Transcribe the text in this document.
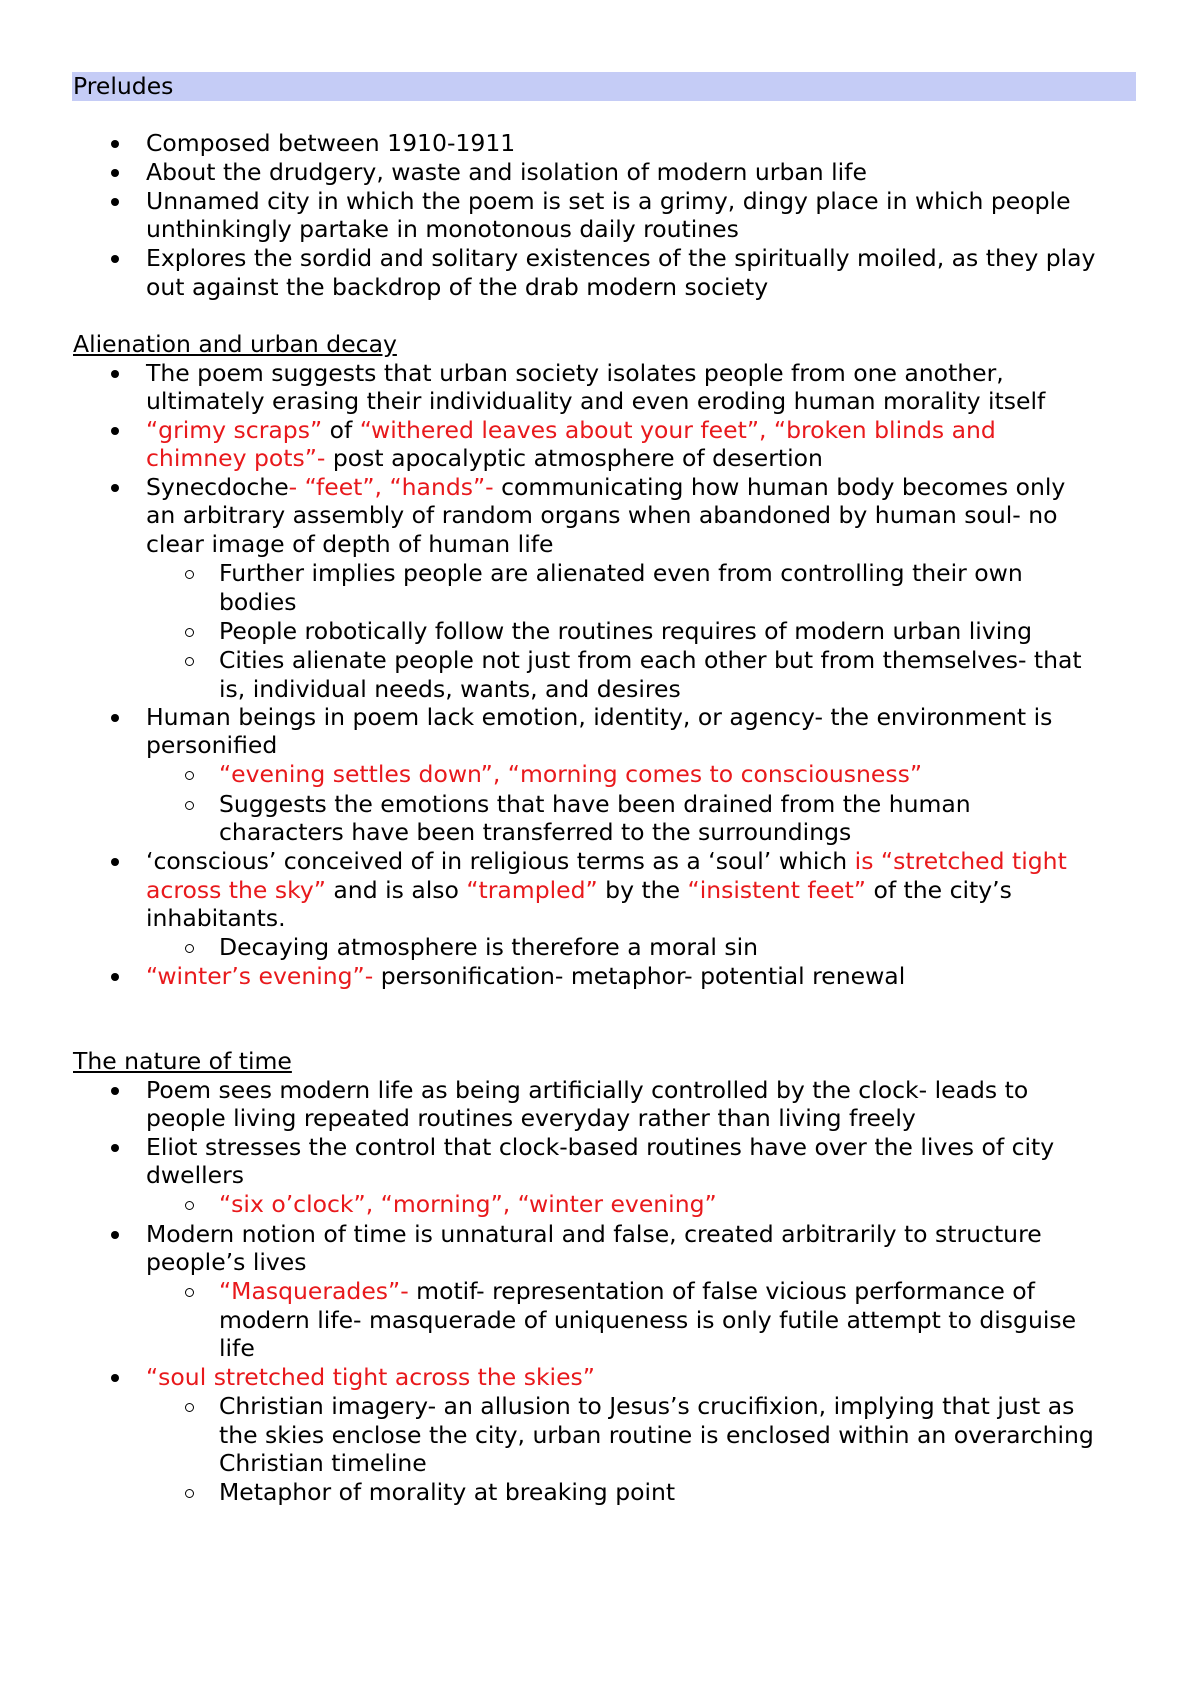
Preludes
Composed between 1910-1911
About the drudgery, waste and isolation of modern urban life
Unnamed city in which the poem is set is a grimy, dingy place in which people
unthinkingly partake in monotonous daily routines
Explores the sordid and solitary existences of the spiritually moiled, as they play
out against the backdrop of the drab modern society
Alienation and urban decay
The poem suggests that urban society isolates people from one another,
ultimately erasing their individuality and even eroding human morality itself
“grimy scraps” of “withered leaves about your feet”, “broken blinds and
chimney pots”- post apocalyptic atmosphere of desertion
Synecdoche- “feet”, “hands”- communicating how human body becomes only
an arbitrary assembly of random organs when abandoned by human soul- no
clear image of depth of human life
Further implies people are alienated even from controlling their own
bodies
People robotically follow the routines requires of modern urban living
Cities alienate people not just from each other but from themselves- that
is, individual needs, wants, and desires
Human beings in poem lack emotion, identity, or agency- the environment is
personified
“evening settles down”, “morning comes to consciousness”
Suggests the emotions that have been drained from the human
characters have been transferred to the surroundings
‘conscious’ conceived of in religious terms as a ‘soul’ which is “stretched tight
across the sky” and is also “trampled” by the “insistent feet” of the city’s
inhabitants.
Decaying atmosphere is therefore a moral sin
“winter’s evening”- personification- metaphor- potential renewal
The nature of time
Poem sees modern life as being artificially controlled by the clock- leads to
people living repeated routines everyday rather than living freely
Eliot stresses the control that clock-based routines have over the lives of city
dwellers
“six o’clock”, “morning”, “winter evening”
Modern notion of time is unnatural and false, created arbitrarily to structure
people’s lives
“Masquerades”- motif- representation of false vicious performance of
modern life- masquerade of uniqueness is only futile attempt to disguise
life
“soul stretched tight across the skies”
Christian imagery- an allusion to Jesus’s crucifixion, implying that just as
the skies enclose the city, urban routine is enclosed within an overarching
Christian timeline
Metaphor of morality at breaking point
